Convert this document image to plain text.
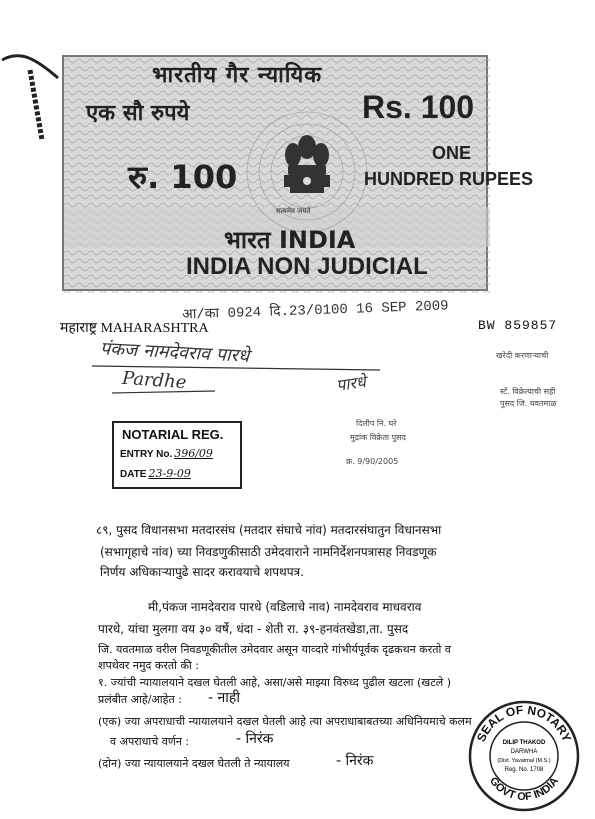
भारतीय गैर न्यायिक
एक सौ रुपये	Rs. 100
रु. 100
ONE
HUNDRED RUPEES
सत्यमेव जयते
भारत INDIA
INDIA NON JUDICIAL
आ/का 0924 दि.23/0100 16 SEP 2009
महाराष्ट्र MAHARASHTRA	BW 859857
पंकज नामदेवराव पारधे
Pardhe	पारधे
दिलीप नि. घरे
मुद्रांक विक्रेता पुसद
क्र. 9/90/2005
खरेदी करणाऱ्याची
स्टॅ. विक्रेत्याची सही
पुसद जि. यवतमाळ
NOTARIAL REG.
ENTRY No. 396/09
DATE 23-9-09
८९, पुसद विधानसभा मतदारसंघ (मतदार संघाचे नांव) मतदारसंघातुन विधानसभा
(सभागृहाचे नांव) च्या निवडणुकीसाठी उमेदवाराने नामनिर्देशनपत्रासह निवडणूक
निर्णय अधिकाऱ्यापुढे सादर करावयाचे शपथपत्र.
मी,पंकज नामदेवराव पारधे (वडिलाचे नाव) नामदेवराव माधवराव
पारधे, यांचा मुलगा वय ३० वर्षे, धंदा - शेती रा. ३९-हनवंतखेडा,ता. पुसद
जि. यवतमाळ वरील निवडणूकीतील उमेदवार असून याव्दारे गांभीर्यपूर्वक दृढकथन करतो व
शपथेवर नमुद करतो की :
१. ज्यांची न्यायालयाने दखल घेतली आहे, असा/असे माझ्या विरुध्द पुढील खटला (खटले )
प्रलंबीत आहे/आहेत : - नाही
(एक) ज्या अपराधाची न्यायालयाने दखल घेतली आहे त्या अपराधाबाबतच्या अधिनियमाचे कलम
व अपराधाचे वर्णन :	- निरंक
(दोन) ज्या न्यायालयाने दखल घेतली ते न्यायालय	- निरंक
SEAL OF NOTARY
GOVT OF INDIA
DILIP THAKOD
DARWHA
(Dist. Yavatmal (M.S.)
Reg. No. 1708
